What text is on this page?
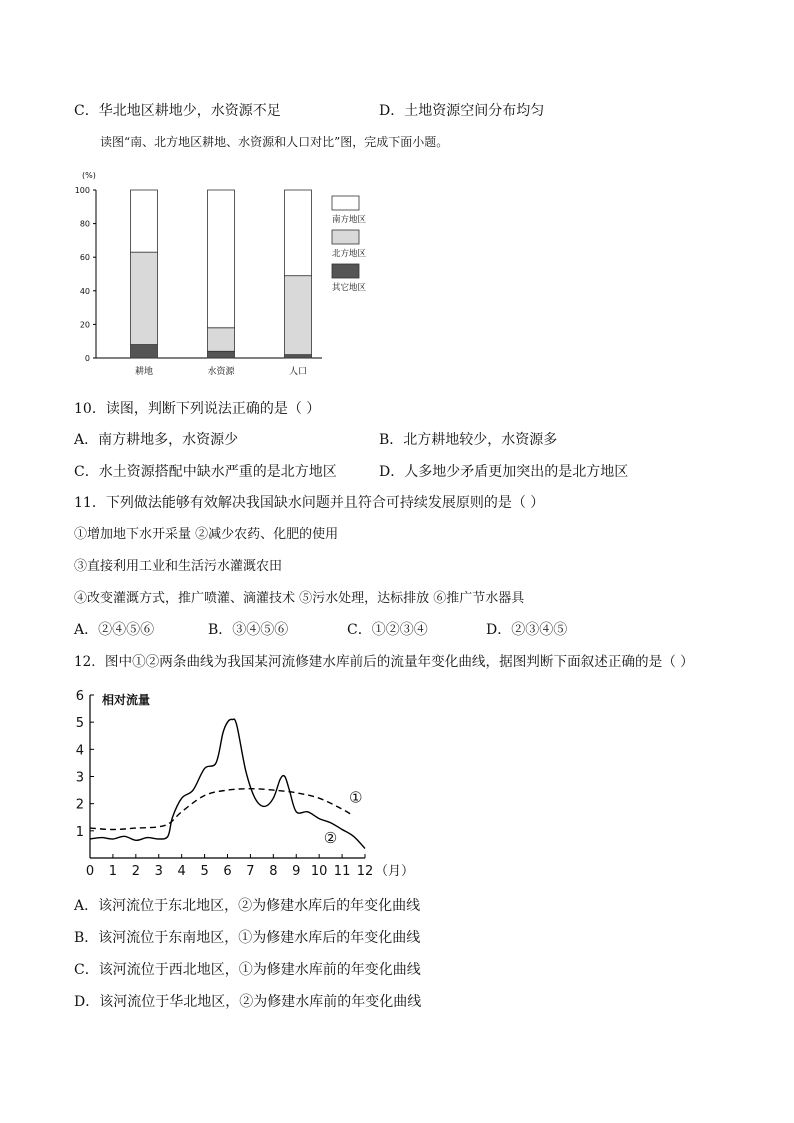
C．华北地区耕地少，水资源不足	D．土地资源空间分布均匀
读图“南、北方地区耕地、水资源和人口对比”图，完成下面小题。
(%)
0
20
40
60
80
100
耕地	水资源	人口
南方地区
北方地区
其它地区
10．读图，判断下列说法正确的是（ ）
A．南方耕地多，水资源少	B．北方耕地较少，水资源多
C．水土资源搭配中缺水严重的是北方地区	D．人多地少矛盾更加突出的是北方地区
11．下列做法能够有效解决我国缺水问题并且符合可持续发展原则的是（ ）
①增加地下水开采量 ②减少农药、化肥的使用
③直接利用工业和生活污水灌溉农田
④改变灌溉方式，推广喷灌、滴灌技术 ⑤污水处理，达标排放 ⑥推广节水器具
A．②④⑤⑥	B．③④⑤⑥	C．①②③④	D．②③④⑤
12．图中①②两条曲线为我国某河流修建水库前后的流量年变化曲线，据图判断下面叙述正确的是（ ）
1
2
3
4
5
6
0 1 2 3 4 5 6 7 8 9 10 11 12 （月）
相对流量
①
②
A．该河流位于东北地区，②为修建水库后的年变化曲线
B．该河流位于东南地区，①为修建水库后的年变化曲线
C．该河流位于西北地区，①为修建水库前的年变化曲线
D．该河流位于华北地区，②为修建水库前的年变化曲线
